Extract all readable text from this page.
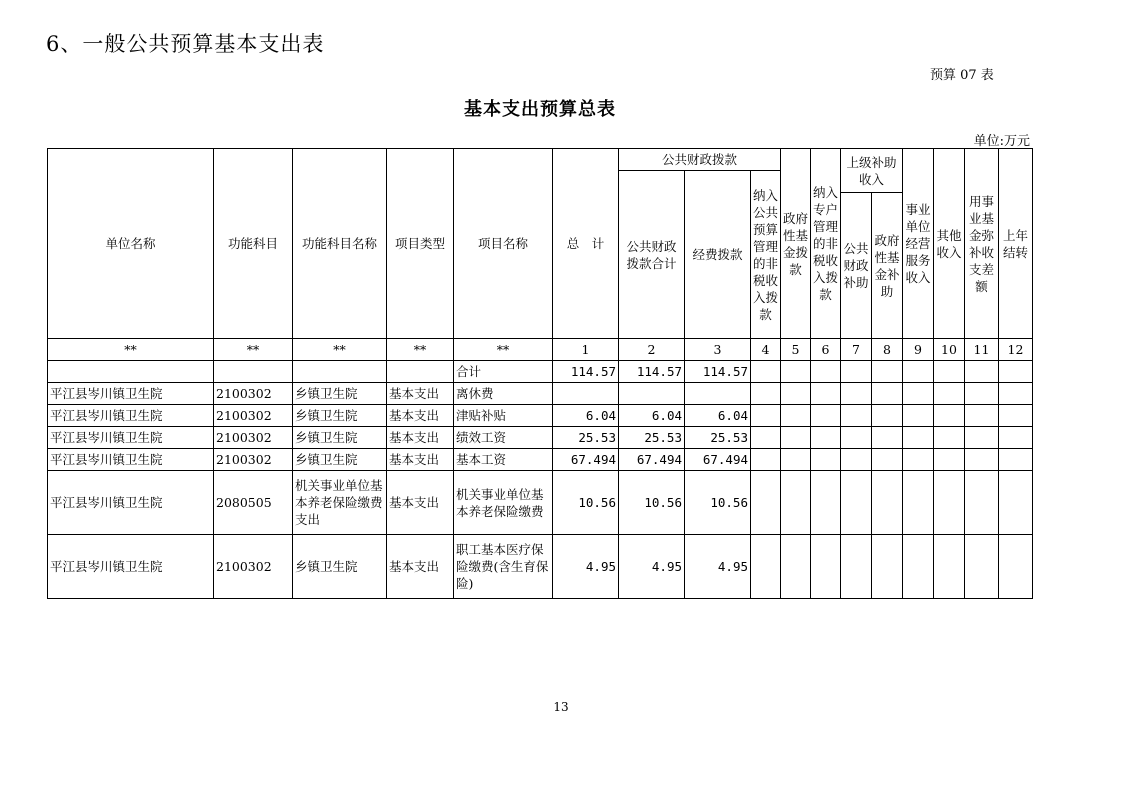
6、一般公共预算基本支出表
预算 07 表
基本支出预算总表
单位:万元
单位名称	功能科目	功能科目名称	项目类型	项目名称	总　计	公共财政拨款			政府性基金拨款	纳入专户管理的非税收入拨款	上级补助收入		事业单位经营服务收入	其他收入	用事业基金弥补收支差额	上年结转
						公共财政拨款合计	经费拨款	纳入公共预算管理的非税收入拨款								
											公共财政补助	政府性基金补助				
**	**	**	**	**	1	2	3	4	5	6	7	8	9	10	11	12
				合计	114.57	114.57	114.57									
平江县岑川镇卫生院	2100302	乡镇卫生院	基本支出	离休费												
平江县岑川镇卫生院	2100302	乡镇卫生院	基本支出	津贴补贴	6.04	6.04	6.04									
平江县岑川镇卫生院	2100302	乡镇卫生院	基本支出	绩效工资	25.53	25.53	25.53									
平江县岑川镇卫生院	2100302	乡镇卫生院	基本支出	基本工资	67.494	67.494	67.494									
平江县岑川镇卫生院	2080505	机关事业单位基本养老保险缴费支出	基本支出	机关事业单位基本养老保险缴费	10.56	10.56	10.56									
平江县岑川镇卫生院	2100302	乡镇卫生院	基本支出	职工基本医疗保险缴费(含生育保险)	4.95	4.95	4.95									
13
